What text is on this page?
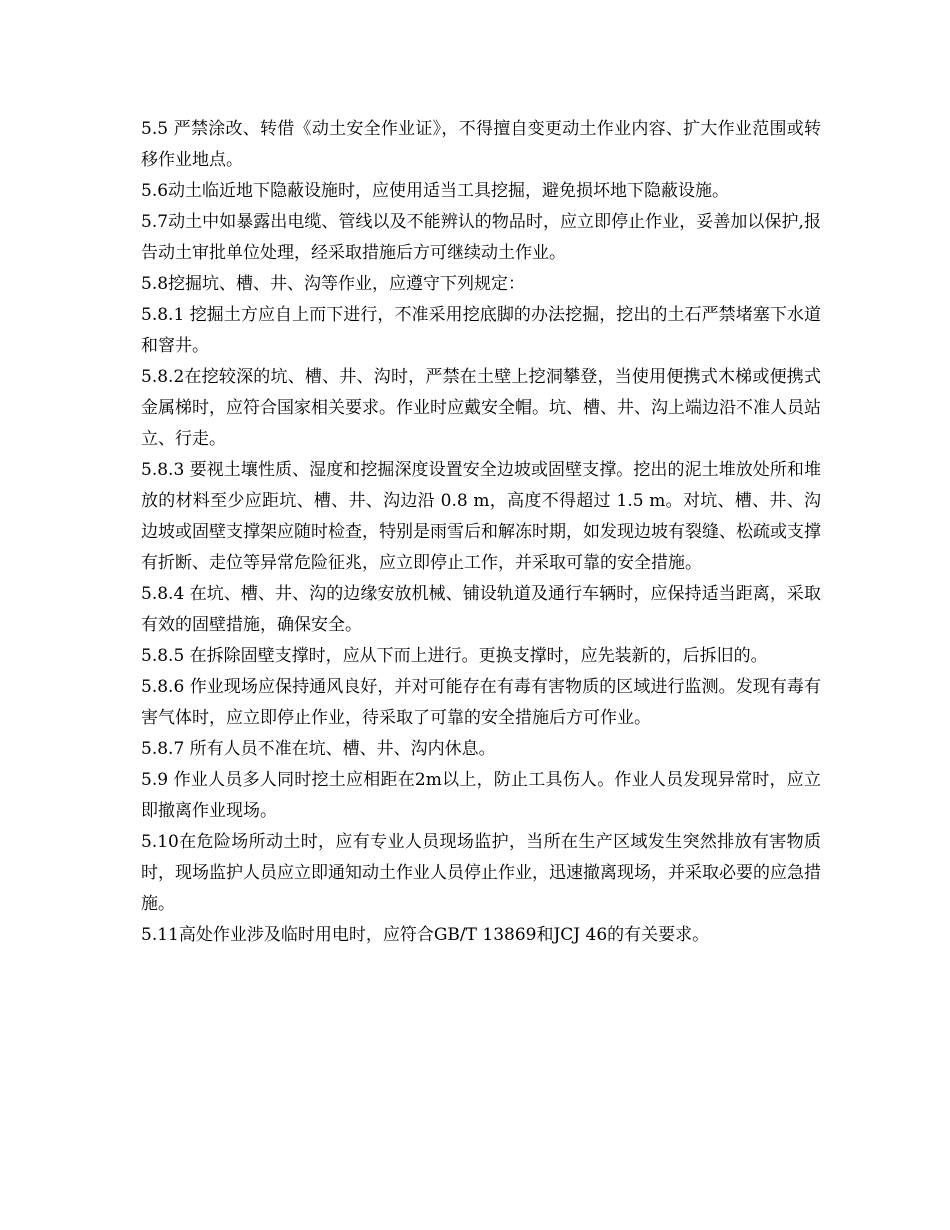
5.5 严禁涂改、转借《动土安全作业证》，不得擅自变更动土作业内容、扩大作业范围或转移作业地点。

5.6动土临近地下隐蔽设施时，应使用适当工具挖掘，避免损坏地下隐蔽设施。

5.7动土中如暴露出电缆、管线以及不能辨认的物品时，应立即停止作业，妥善加以保护,报告动土审批单位处理，经采取措施后方可继续动土作业。

5.8挖掘坑、槽、井、沟等作业，应遵守下列规定：

5.8.1 挖掘土方应自上而下进行，不准采用挖底脚的办法挖掘，挖出的土石严禁堵塞下水道和窨井。

5.8.2在挖较深的坑、槽、井、沟时，严禁在土壁上挖洞攀登，当使用便携式木梯或便携式金属梯时，应符合国家相关要求。作业时应戴安全帽。坑、槽、井、沟上端边沿不准人员站立、行走。

5.8.3 要视土壤性质、湿度和挖掘深度设置安全边坡或固壁支撑。挖出的泥土堆放处所和堆放的材料至少应距坑、槽、井、沟边沿 0.8 m，高度不得超过 1.5 m。对坑、槽、井、沟边坡或固壁支撑架应随时检查，特别是雨雪后和解冻时期，如发现边坡有裂缝、松疏或支撑有折断、走位等异常危险征兆，应立即停止工作，并采取可靠的安全措施。

5.8.4 在坑、槽、井、沟的边缘安放机械、铺设轨道及通行车辆时，应保持适当距离，采取有效的固壁措施，确保安全。

5.8.5 在拆除固壁支撑时，应从下而上进行。更换支撑时，应先装新的，后拆旧的。

5.8.6 作业现场应保持通风良好，并对可能存在有毒有害物质的区域进行监测。发现有毒有害气体时，应立即停止作业，待采取了可靠的安全措施后方可作业。

5.8.7 所有人员不准在坑、槽、井、沟内休息。

5.9 作业人员多人同时挖土应相距在2m以上，防止工具伤人。作业人员发现异常时，应立即撤离作业现场。

5.10在危险场所动土时，应有专业人员现场监护，当所在生产区域发生突然排放有害物质时，现场监护人员应立即通知动土作业人员停止作业，迅速撤离现场，并采取必要的应急措施。

5.11高处作业涉及临时用电时，应符合GB/T 13869和JCJ 46的有关要求。
